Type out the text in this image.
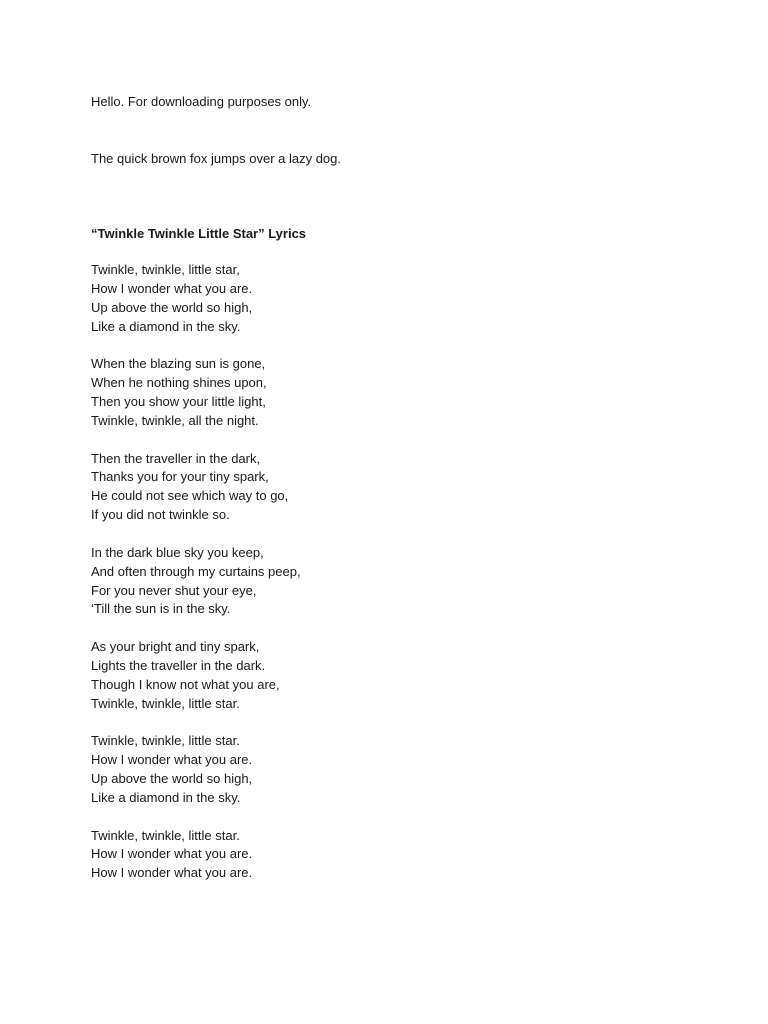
Hello. For downloading purposes only.
The quick brown fox jumps over a lazy dog.
“Twinkle Twinkle Little Star” Lyrics
Twinkle, twinkle, little star,
How I wonder what you are.
Up above the world so high,
Like a diamond in the sky.
When the blazing sun is gone,
When he nothing shines upon,
Then you show your little light,
Twinkle, twinkle, all the night.
Then the traveller in the dark,
Thanks you for your tiny spark,
He could not see which way to go,
If you did not twinkle so.
In the dark blue sky you keep,
And often through my curtains peep,
For you never shut your eye,
‘Till the sun is in the sky.
As your bright and tiny spark,
Lights the traveller in the dark.
Though I know not what you are,
Twinkle, twinkle, little star.
Twinkle, twinkle, little star.
How I wonder what you are.
Up above the world so high,
Like a diamond in the sky.
Twinkle, twinkle, little star.
How I wonder what you are.
How I wonder what you are.
